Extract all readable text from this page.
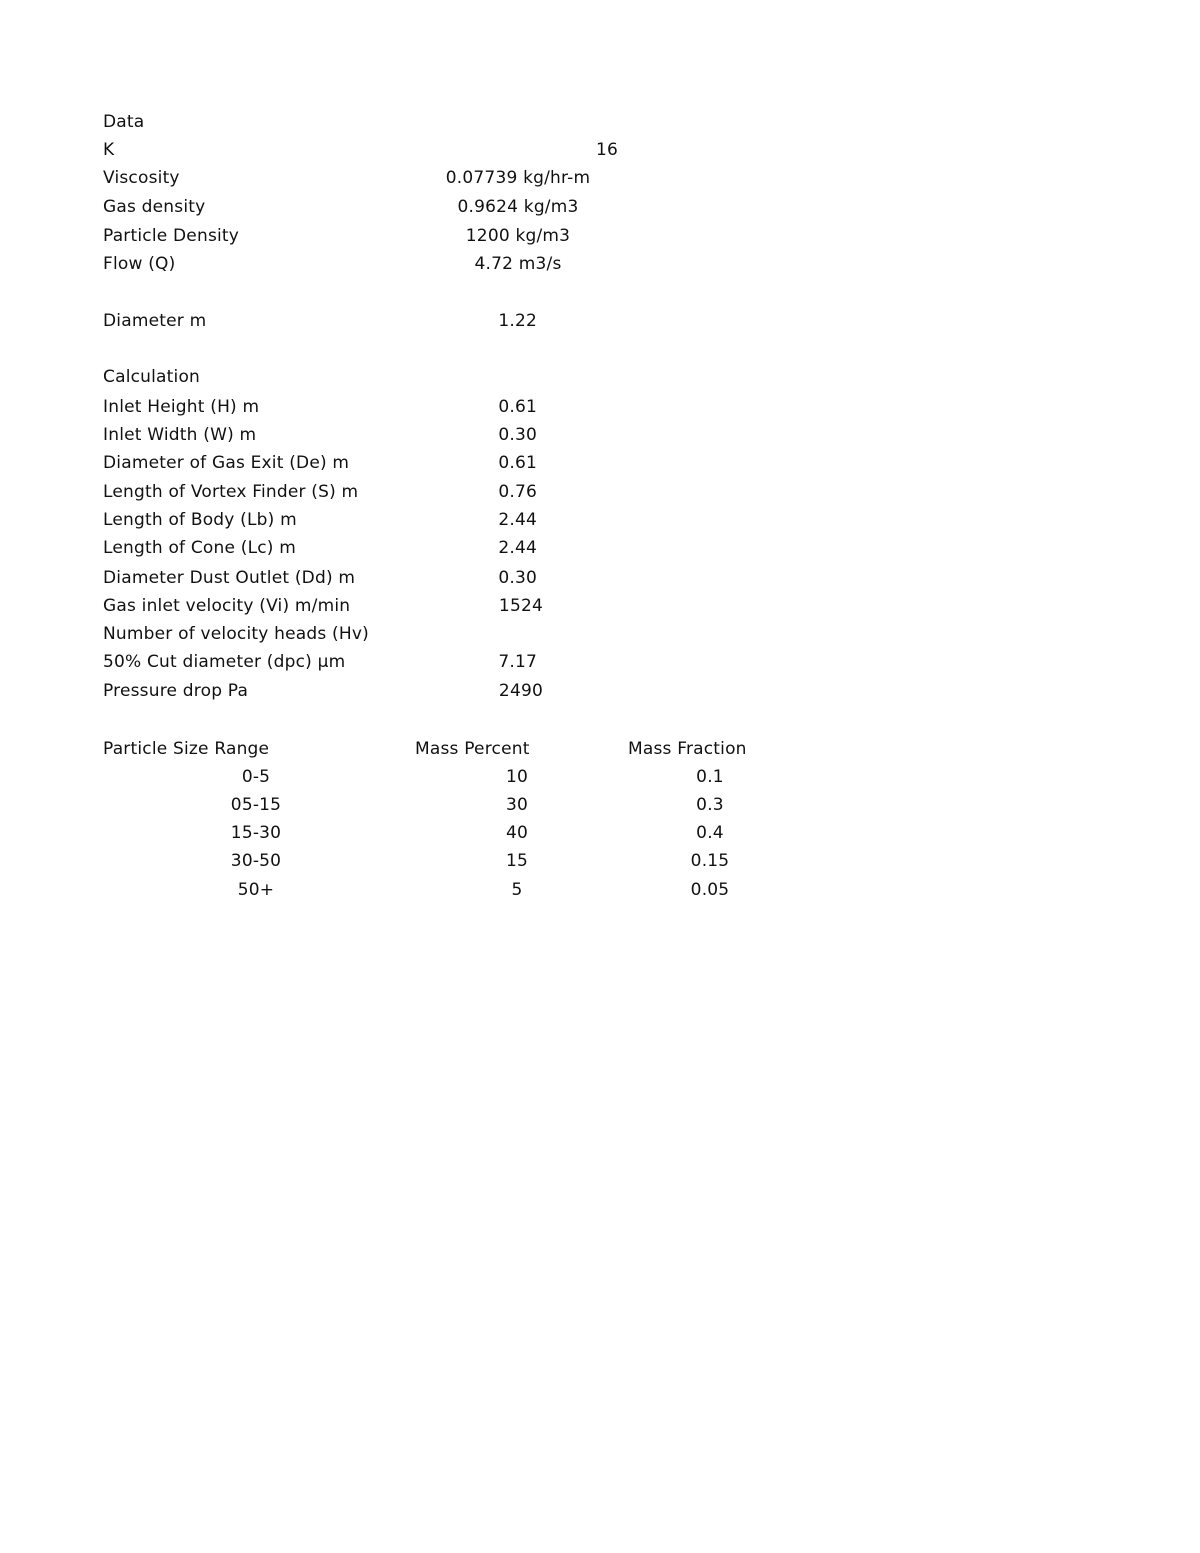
Data
K	16
Viscosity	0.07739 kg/hr-m
Gas density	0.9624 kg/m3
Particle Density	1200 kg/m3
Flow (Q)	4.72 m3/s
Diameter m	1.22
Calculation
Inlet Height (H) m	0.61
Inlet Width (W) m	0.30
Diameter of Gas Exit (De) m	0.61
Length of Vortex Finder (S) m	0.76
Length of Body (Lb) m	2.44
Length of Cone (Lc) m	2.44
Diameter Dust Outlet (Dd) m	0.30
Gas inlet velocity (Vi) m/min	1524
Number of velocity heads (Hv)
50% Cut diameter (dpc) µm	7.17
Pressure drop Pa	2490
Particle Size Range	Mass Percent	Mass Fraction
0-5	10	0.1
05-15	30	0.3
15-30	40	0.4
30-50	15	0.15
50+	5	0.05
